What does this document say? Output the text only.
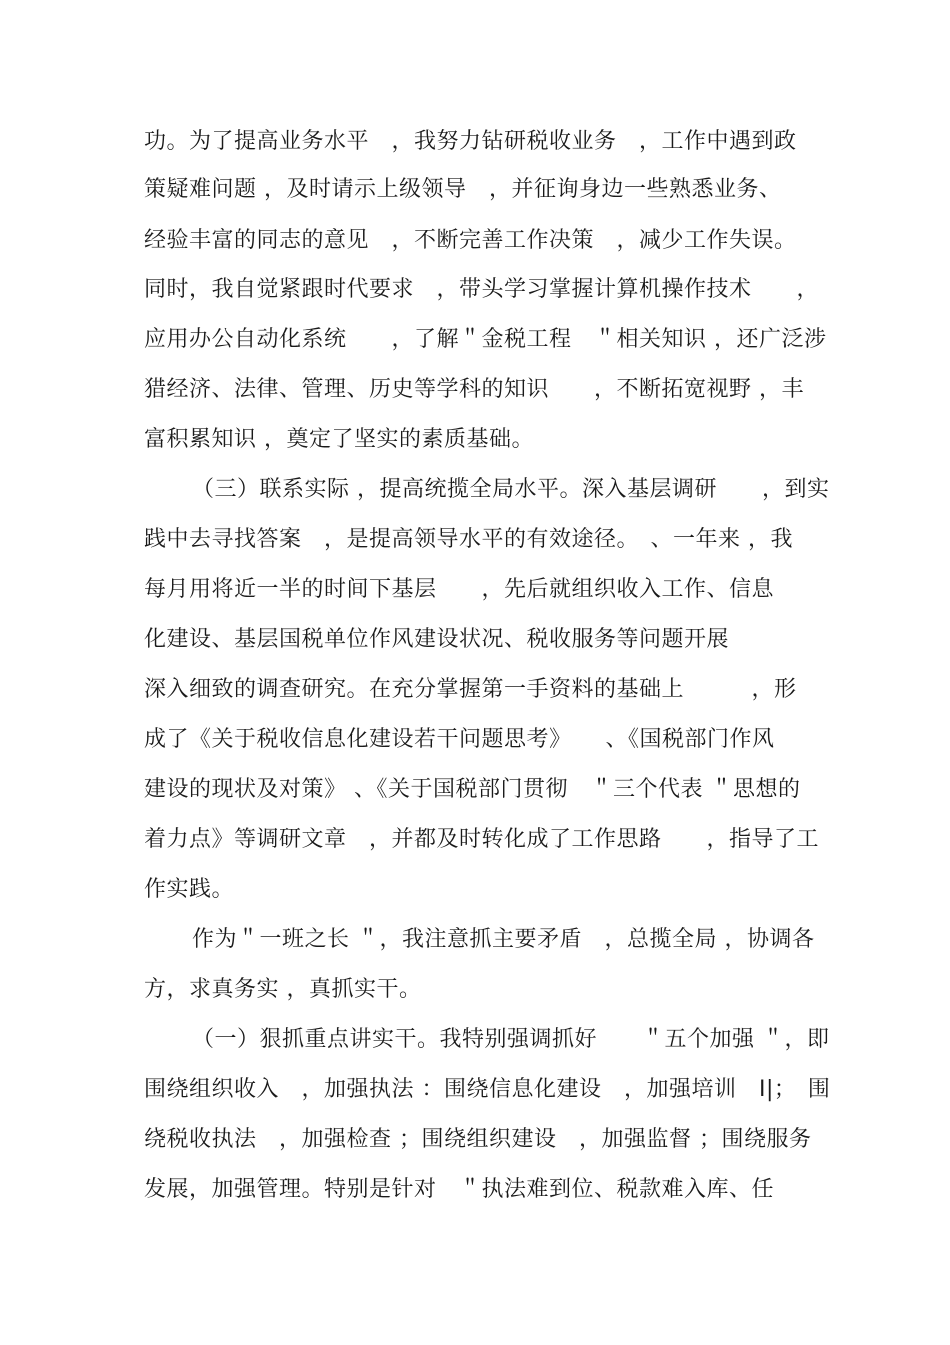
功。为了提高业务水平　，我努力钻研税收业务　，工作中遇到政
策疑难问题 ，及时请示上级领导　，并征询身边一些熟悉业务、
经验丰富的同志的意见　，不断完善工作决策　，减少工作失误。
同时，我自觉紧跟时代要求　，带头学习掌握计算机操作技术　　，
应用办公自动化系统　　，了解＂金税工程　＂相关知识 ，还广泛涉
猎经济、法律、管理、历史等学科的知识　　，不断拓宽视野 ，丰
富积累知识 ，奠定了坚实的素质基础。
（三）联系实际 ，提高统揽全局水平。深入基层调研　　，到实
践中去寻找答案　，是提高领导水平的有效途径。　、一年来 ，我
每月用将近一半的时间下基层　　，先后就组织收入工作、信息
化建设、基层国税单位作风建设状况、税收服务等问题开展
深入细致的调查研究。在充分掌握第一手资料的基础上　　　，形
成了《关于税收信息化建设若干问题思考》　　、《国税部门作风
建设的现状及对策》 、《关于国税部门贯彻　＂三个代表 ＂思想的
着力点》等调研文章　，并都及时转化成了工作思路　　，指导了工
作实践。
作为＂一班之长 ＂，我注意抓主要矛盾　，总揽全局 ，协调各
方，求真务实 ，真抓实干。
（一）狠抓重点讲实干。我特别强调抓好　　＂五个加强 ＂，即
围绕组织收入　，加强执法 ：围绕信息化建设　，加强培训　I|；　围
绕税收执法　，加强检查 ；围绕组织建设　，加强监督 ；围绕服务
发展，加强管理。特别是针对　＂执法难到位、税款难入库、任
